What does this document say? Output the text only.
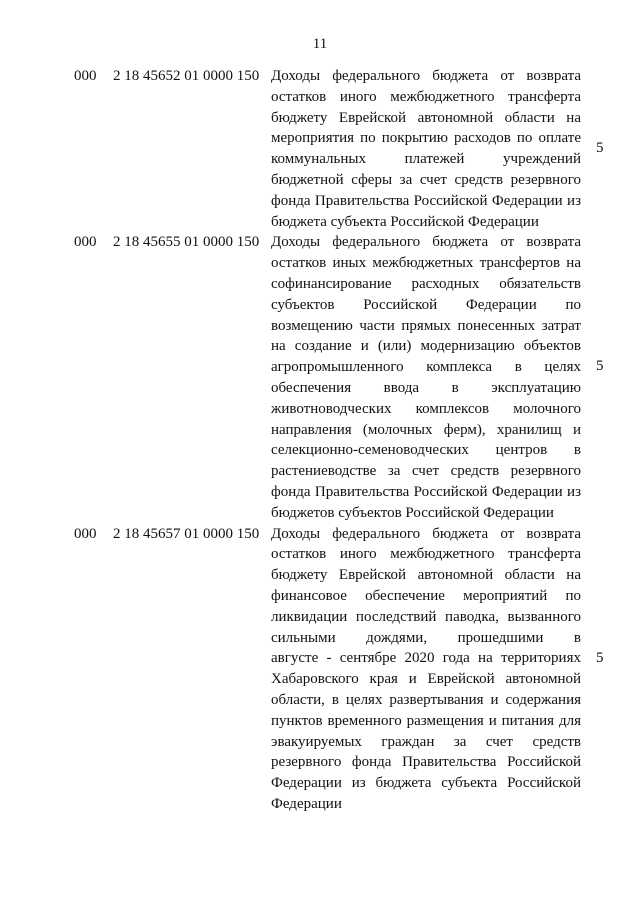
11
000 2 18 45652 01 0000 150 Доходы федерального бюджета от возврата
остатков иного межбюджетного трансферта
бюджету Еврейской автономной области на
мероприятия по покрытию расходов по оплате
коммунальных платежей учреждений
бюджетной сферы за счет средств резервного
фонда Правительства Российской Федерации из
бюджета субъекта Российской Федерации
5
000 2 18 45655 01 0000 150 Доходы федерального бюджета от возврата
остатков иных межбюджетных трансфертов на
софинансирование расходных обязательств
субъектов Российской Федерации по
возмещению части прямых понесенных затрат
на создание и (или) модернизацию объектов
агропромышленного комплекса в целях
обеспечения ввода в эксплуатацию
животноводческих комплексов молочного
направления (молочных ферм), хранилищ и
селекционно-семеноводческих центров в
растениеводстве за счет средств резервного
фонда Правительства Российской Федерации из
бюджетов субъектов Российской Федерации
5
000 2 18 45657 01 0000 150 Доходы федерального бюджета от возврата
остатков иного межбюджетного трансферта
бюджету Еврейской автономной области на
финансовое обеспечение мероприятий по
ликвидации последствий паводка, вызванного
сильными дождями, прошедшими в
августе - сентябре 2020 года на территориях
Хабаровского края и Еврейской автономной
области, в целях развертывания и содержания
пунктов временного размещения и питания для
эвакуируемых граждан за счет средств
резервного фонда Правительства Российской
Федерации из бюджета субъекта Российской
Федерации
5
